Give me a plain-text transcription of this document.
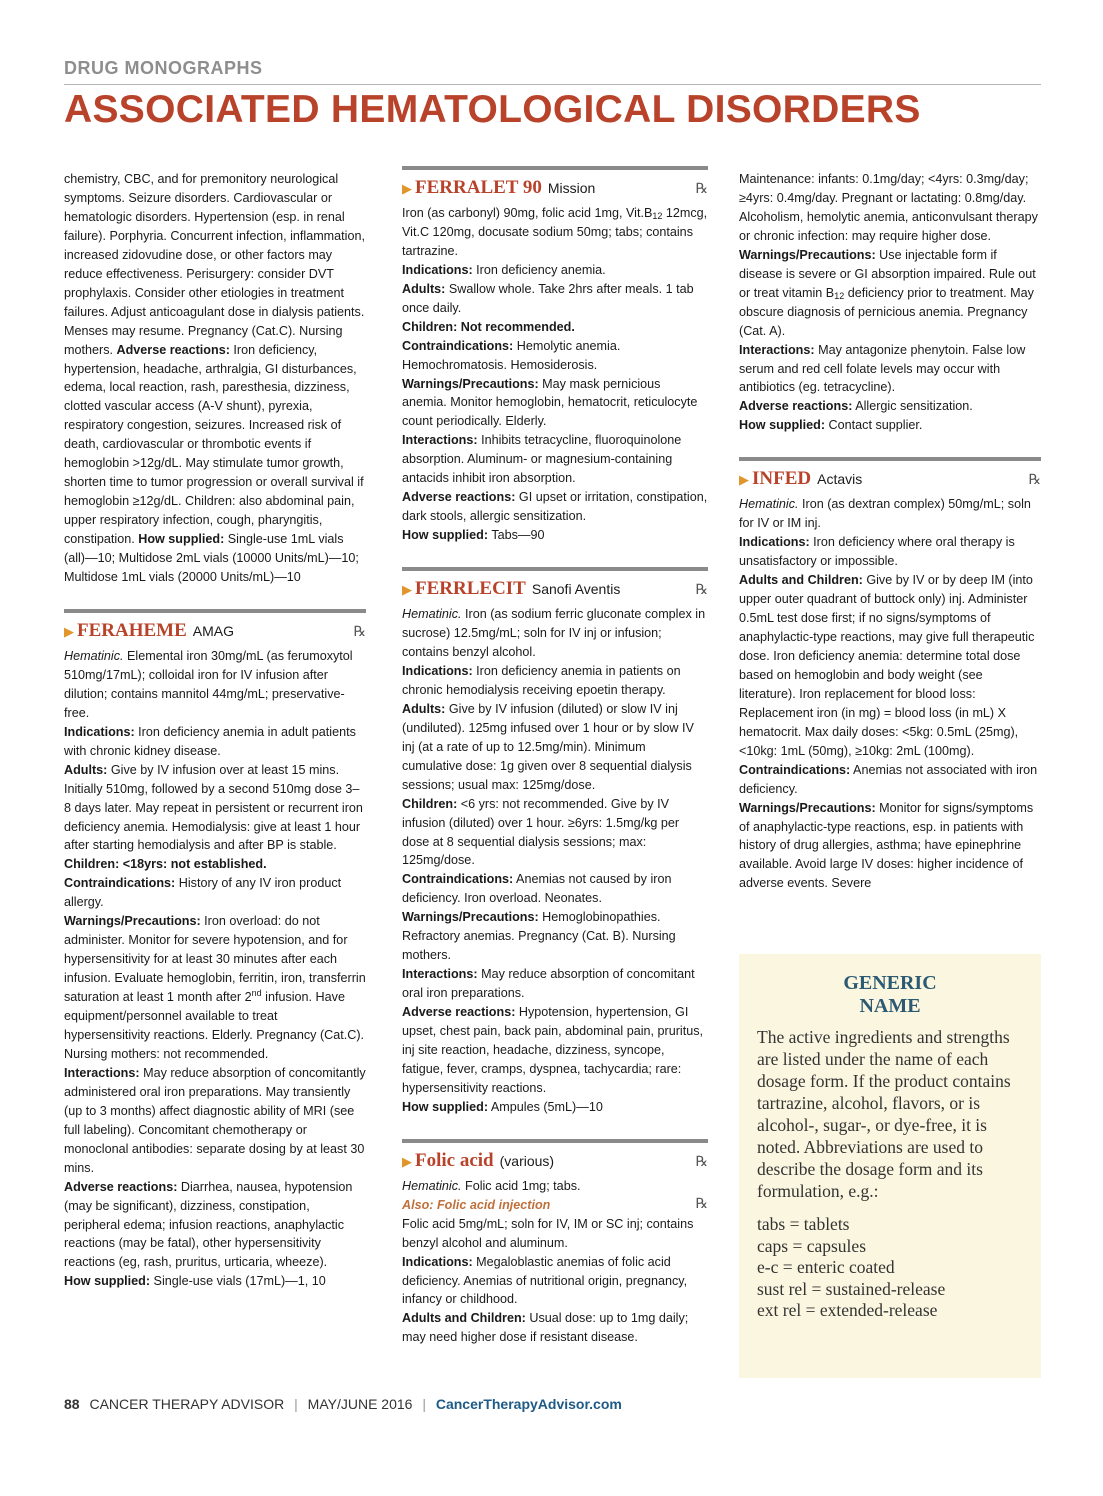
DRUG MONOGRAPHS
ASSOCIATED HEMATOLOGICAL DISORDERS
chemistry, CBC, and for premonitory neurological symptoms. Seizure disorders. Cardiovascular or hematologic disorders. Hypertension (esp. in renal failure). Porphyria. Concurrent infection, inflammation, increased zidovudine dose, or other factors may reduce effectiveness. Perisurgery: consider DVT prophylaxis. Consider other etiologies in treatment failures. Adjust anticoagulant dose in dialysis patients. Menses may resume. Pregnancy (Cat.C). Nursing mothers. Adverse reactions: Iron deficiency, hypertension, headache, arthralgia, GI disturbances, edema, local reaction, rash, paresthesia, dizziness, clotted vascular access (A-V shunt), pyrexia, respiratory congestion, seizures. Increased risk of death, cardiovascular or thrombotic events if hemoglobin >12g/dL. May stimulate tumor growth, shorten time to tumor progression or overall survival if hemoglobin ≥12g/dL. Children: also abdominal pain, upper respiratory infection, cough, pharyngitis, constipation. How supplied: Single-use 1mL vials (all)—10; Multidose 2mL vials (10000 Units/mL)—10; Multidose 1mL vials (20000 Units/mL)—10
▶ FERAHEME AMAG	℞
Hematinic. Elemental iron 30mg/mL (as ferumoxytol 510mg/17mL); colloidal iron for IV infusion after dilution; contains mannitol 44mg/mL; preservative-free.
Indications: Iron deficiency anemia in adult patients with chronic kidney disease.
Adults: Give by IV infusion over at least 15 mins. Initially 510mg, followed by a second 510mg dose 3–8 days later. May repeat in persistent or recurrent iron deficiency anemia. Hemodialysis: give at least 1 hour after starting hemodialysis and after BP is stable.
Children: <18yrs: not established.
Contraindications: History of any IV iron product allergy.
Warnings/Precautions: Iron overload: do not administer. Monitor for severe hypotension, and for hypersensitivity for at least 30 minutes after each infusion. Evaluate hemoglobin, ferritin, iron, transferrin saturation at least 1 month after 2nd infusion. Have equipment/personnel available to treat hypersensitivity reactions. Elderly. Pregnancy (Cat.C). Nursing mothers: not recommended.
Interactions: May reduce absorption of concomitantly administered oral iron preparations. May transiently (up to 3 months) affect diagnostic ability of MRI (see full labeling). Concomitant chemotherapy or monoclonal antibodies: separate dosing by at least 30 mins.
Adverse reactions: Diarrhea, nausea, hypotension (may be significant), dizziness, constipation, peripheral edema; infusion reactions, anaphylactic reactions (may be fatal), other hypersensitivity reactions (eg, rash, pruritus, urticaria, wheeze).
How supplied: Single-use vials (17mL)—1, 10
▶ FERRALET 90 Mission	℞
Iron (as carbonyl) 90mg, folic acid 1mg, $Vit.B_{12}$ 12mcg, Vit.C 120mg, docusate sodium 50mg; tabs; contains tartrazine.
Indications: Iron deficiency anemia.
Adults: Swallow whole. Take 2hrs after meals. 1 tab once daily.
Children: Not recommended.
Contraindications: Hemolytic anemia. Hemochromatosis. Hemosiderosis.
Warnings/Precautions: May mask pernicious anemia. Monitor hemoglobin, hematocrit, reticulocyte count periodically. Elderly.
Interactions: Inhibits tetracycline, fluoroquinolone absorption. Aluminum- or magnesium-containing antacids inhibit iron absorption.
Adverse reactions: GI upset or irritation, constipation, dark stools, allergic sensitization.
How supplied: Tabs—90
▶ FERRLECIT Sanofi Aventis	℞
Hematinic. Iron (as sodium ferric gluconate complex in sucrose) 12.5mg/mL; soln for IV inj or infusion; contains benzyl alcohol.
Indications: Iron deficiency anemia in patients on chronic hemodialysis receiving epoetin therapy.
Adults: Give by IV infusion (diluted) or slow IV inj (undiluted). 125mg infused over 1 hour or by slow IV inj (at a rate of up to 12.5mg/min). Minimum cumulative dose: 1g given over 8 sequential dialysis sessions; usual max: 125mg/dose.
Children: <6 yrs: not recommended. Give by IV infusion (diluted) over 1 hour. ≥6yrs: 1.5mg/kg per dose at 8 sequential dialysis sessions; max: 125mg/dose.
Contraindications: Anemias not caused by iron deficiency. Iron overload. Neonates.
Warnings/Precautions: Hemoglobinopathies. Refractory anemias. Pregnancy (Cat. B). Nursing mothers.
Interactions: May reduce absorption of concomitant oral iron preparations.
Adverse reactions: Hypotension, hypertension, GI upset, chest pain, back pain, abdominal pain, pruritus, inj site reaction, headache, dizziness, syncope, fatigue, fever, cramps, dyspnea, tachycardia; rare: hypersensitivity reactions.
How supplied: Ampules (5mL)—10
▶ Folic acid (various)	℞
Hematinic. Folic acid 1mg; tabs.
Also: Folic acid injection	℞
Folic acid 5mg/mL; soln for IV, IM or SC inj; contains benzyl alcohol and aluminum.
Indications: Megaloblastic anemias of folic acid deficiency. Anemias of nutritional origin, pregnancy, infancy or childhood.
Adults and Children: Usual dose: up to 1mg daily; may need higher dose if resistant disease.
Maintenance: infants: 0.1mg/day; <4yrs: 0.3mg/day; ≥4yrs: 0.4mg/day. Pregnant or lactating: 0.8mg/day. Alcoholism, hemolytic anemia, anticonvulsant therapy or chronic infection: may require higher dose.
Warnings/Precautions: Use injectable form if disease is severe or GI absorption impaired. Rule out or treat vitamin $B_{12}$ deficiency prior to treatment. May obscure diagnosis of pernicious anemia. Pregnancy (Cat. A).
Interactions: May antagonize phenytoin. False low serum and red cell folate levels may occur with antibiotics (eg. tetracycline).
Adverse reactions: Allergic sensitization.
How supplied: Contact supplier.
▶ INFED Actavis	℞
Hematinic. Iron (as dextran complex) 50mg/mL; soln for IV or IM inj.
Indications: Iron deficiency where oral therapy is unsatisfactory or impossible.
Adults and Children: Give by IV or by deep IM (into upper outer quadrant of buttock only) inj. Administer 0.5mL test dose first; if no signs/symptoms of anaphylactic-type reactions, may give full therapeutic dose. Iron deficiency anemia: determine total dose based on hemoglobin and body weight (see literature). Iron replacement for blood loss: Replacement iron (in mg) = blood loss (in mL) X hematocrit. Max daily doses: <5kg: 0.5mL (25mg), <10kg: 1mL (50mg), ≥10kg: 2mL (100mg).
Contraindications: Anemias not associated with iron deficiency.
Warnings/Precautions: Monitor for signs/symptoms of anaphylactic-type reactions, esp. in patients with history of drug allergies, asthma; have epinephrine available. Avoid large IV doses: higher incidence of adverse events. Severe
GENERIC
NAME

The active ingredients and strengths are listed under the name of each dosage form. If the product contains tartrazine, alcohol, flavors, or is alcohol-, sugar-, or dye-free, it is noted. Abbreviations are used to describe the dosage form and its formulation, e.g.:

tabs = tablets

caps = capsules

e-c = enteric coated

sust rel = sustained-release

ext rel = extended-release

88 CANCER THERAPY ADVISOR | MAY/JUNE 2016 | CancerTherapyAdvisor.com
